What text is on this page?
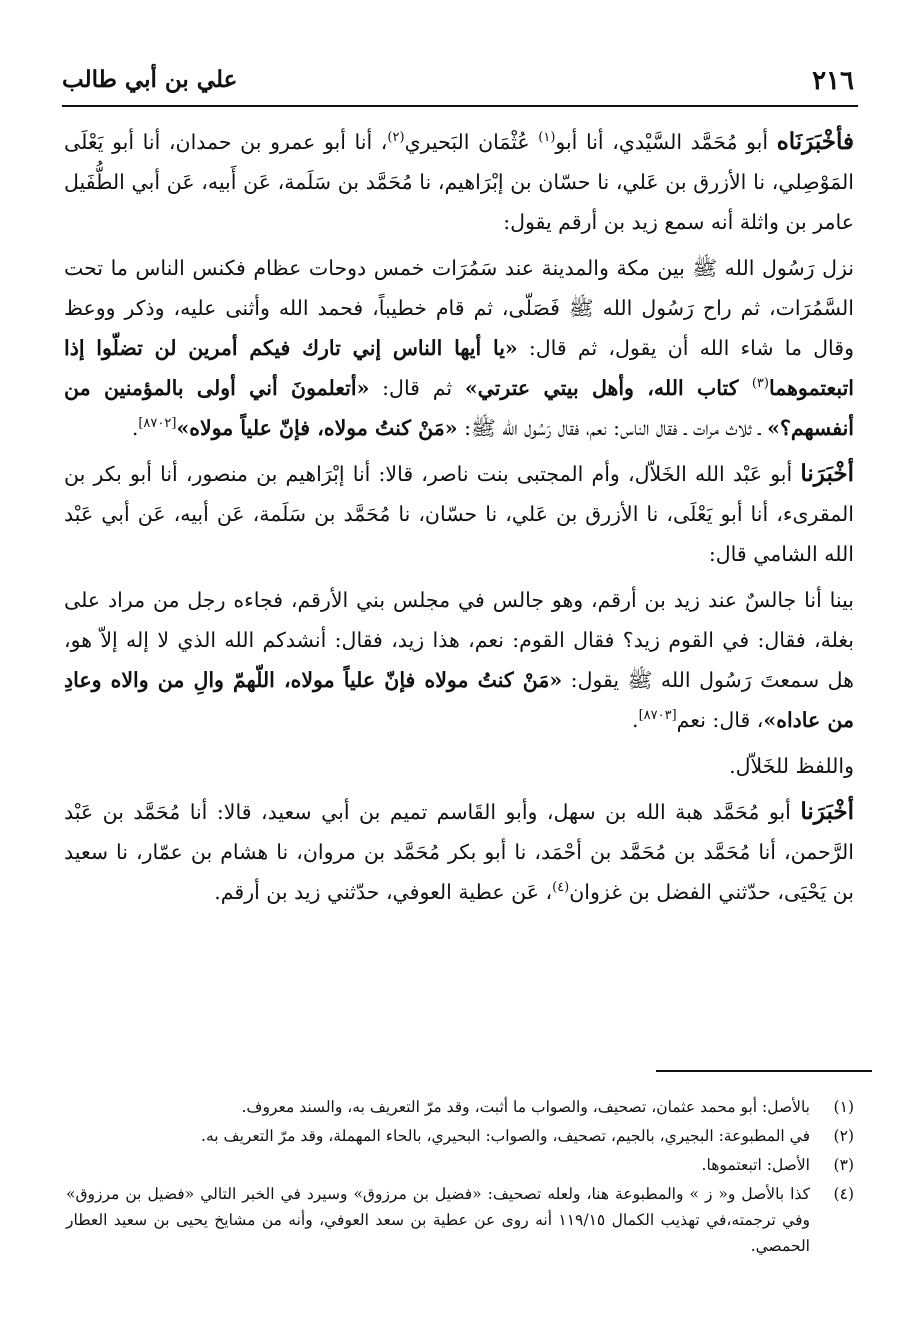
٢١٦
علي بن أبي طالب

فأخْبَرَنَاه أبو مُحَمَّد السَّيْدي، أنا أبو$^{(١)}$ عُثْمَان البَحيري$^{(٢)}$، أنا أبو عمرو بن حمدان، أنا أبو يَعْلَى المَوْصِلي، نا الأزرق بن عَلي، نا حسّان بن إبْرَاهيم، نا مُحَمَّد بن سَلَمة، عَن أَبيه، عَن أبي الطُّفَيل عامر بن واثلة أنه سمع زيد بن أرقم يقول:

نزل رَسُول الله ﷺ بين مكة والمدينة عند سَمُرَات خمس دوحات عظام فكنس الناس ما تحت السَّمُرَات، ثم راح رَسُول الله ﷺ فَصَلّى، ثم قام خطيباً، فحمد الله وأثنى عليه، وذكر ووعظ وقال ما شاء الله أن يقول، ثم قال: «يا أيها الناس إني تارك فيكم أمرين لن تضلّوا إذا اتبعتموهما$^{(٣)}$ كتاب الله، وأهل بيتي عترتي» ثم قال: «أتعلمونَ أني أولى بالمؤمنين من أنفسهم؟» ـ ثلاث مرات ـ فقال الناس: نعم، فقال رَسُول الله ﷺ: «مَنْ كنتُ مولاه، فإنّ علياً مولاه»[٨٧٠٢].

أخْبَرَنا أبو عَبْد الله الخَلاّل، وأم المجتبى بنت ناصر، قالا: أنا إبْرَاهيم بن منصور، أنا أبو بكر بن المقرىء، أنا أبو يَعْلَى، نا الأزرق بن عَلي، نا حسّان، نا مُحَمَّد بن سَلَمة، عَن أبيه، عَن أبي عَبْد الله الشامي قال:

بينا أنا جالسٌ عند زيد بن أرقم، وهو جالس في مجلس بني الأرقم، فجاءه رجل من مراد على بغلة، فقال: في القوم زيد؟ فقال القوم: نعم، هذا زيد، فقال: أنشدكم الله الذي لا إله إلاّ هو، هل سمعتَ رَسُول الله ﷺ يقول: «مَنْ كنتُ مولاه فإنّ علياً مولاه، اللّهمّ والِ من والاه وعادِ من عاداه»، قال: نعم[٨٧٠٣].

واللفظ للخَلاّل.

أخْبَرَنا أبو مُحَمَّد هبة الله بن سهل، وأبو القَاسم تميم بن أبي سعيد، قالا: أنا مُحَمَّد بن عَبْد الرَّحمن، أنا مُحَمَّد بن مُحَمَّد بن أحْمَد، نا أبو بكر مُحَمَّد بن مروان، نا هشام بن عمّار، نا سعيد بن يَحْيَى، حدّثني الفضل بن غزوان$^{(٤)}$، عَن عطية العوفي، حدّثني زيد بن أرقم.

(١)
بالأصل: أبو محمد عثمان، تصحيف، والصواب ما أثبت، وقد مرّ التعريف به، والسند معروف.
(٢)
في المطبوعة: البجيري، بالجيم، تصحيف، والصواب: البحيري، بالحاء المهملة، وقد مرّ التعريف به.
(٣)
الأصل: اتبعتموها.
(٤)
كذا بالأصل و« ز » والمطبوعة هنا، ولعله تصحيف: «فضيل بن مرزوق» وسيرد في الخبر التالي «فضيل بن مرزوق» وفي ترجمته،في تهذيب الكمال ١١٩/١٥ أنه روى عن عطية بن سعد العوفي، وأنه من مشايخ يحيى بن سعيد العطار الحمصي.
